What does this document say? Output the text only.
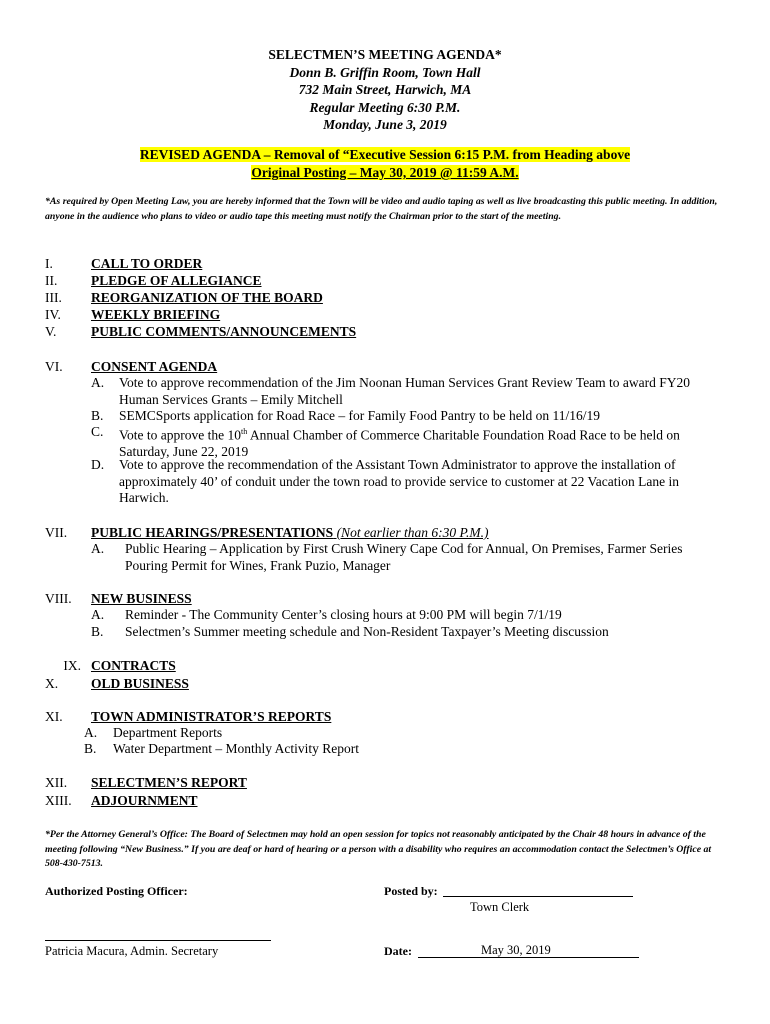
SELECTMEN’S MEETING AGENDA*
Donn B. Griffin Room, Town Hall
732 Main Street, Harwich, MA
Regular Meeting 6:30 P.M.
Monday, June 3, 2019
REVISED AGENDA – Removal of “Executive Session 6:15 P.M. from Heading above
Original Posting – May 30, 2019 @ 11:59 A.M.
*As required by Open Meeting Law, you are hereby informed that the Town will be video and audio taping as well as live broadcasting this public meeting. In addition, anyone in the audience who plans to video or audio tape this meeting must notify the Chairman prior to the start of the meeting.
I.	CALL TO ORDER
II.	PLEDGE OF ALLEGIANCE
III.	REORGANIZATION OF THE BOARD
IV.	WEEKLY BRIEFING
V.	PUBLIC COMMENTS/ANNOUNCEMENTS
VI.	CONSENT AGENDA
A. Vote to approve recommendation of the Jim Noonan Human Services Grant Review Team to award FY20
Human Services Grants – Emily Mitchell
B. SEMCSports application for Road Race – for Family Food Pantry to be held on 11/16/19
C. Vote to approve the 10th Annual Chamber of Commerce Charitable Foundation Road Race to be held on
Saturday, June 22, 2019
D. Vote to approve the recommendation of the Assistant Town Administrator to approve the installation of
approximately 40’ of conduit under the town road to provide service to customer at 22 Vacation Lane in
Harwich.
VII.	PUBLIC HEARINGS/PRESENTATIONS (Not earlier than 6:30 P.M.)
A. Public Hearing – Application by First Crush Winery Cape Cod for Annual, On Premises, Farmer Series
Pouring Permit for Wines, Frank Puzio, Manager
VIII.	NEW BUSINESS
A. Reminder - The Community Center’s closing hours at 9:00 PM will begin 7/1/19
B. Selectmen’s Summer meeting schedule and Non-Resident Taxpayer’s Meeting discussion
IX. CONTRACTS
X.	OLD BUSINESS
XI.	TOWN ADMINISTRATOR’S REPORTS
A. Department Reports
B. Water Department – Monthly Activity Report
XII.	SELECTMEN’S REPORT
XIII.	ADJOURNMENT
*Per the Attorney General’s Office: The Board of Selectmen may hold an open session for topics not reasonably anticipated by the Chair 48 hours in advance of the meeting following “New Business.” If you are deaf or hard of hearing or a person with a disability who requires an accommodation contact the Selectmen’s Office at 508-430-7513.
Authorized Posting Officer:	Posted by:
Town Clerk
Patricia Macura, Admin. Secretary	Date:	May 30, 2019
